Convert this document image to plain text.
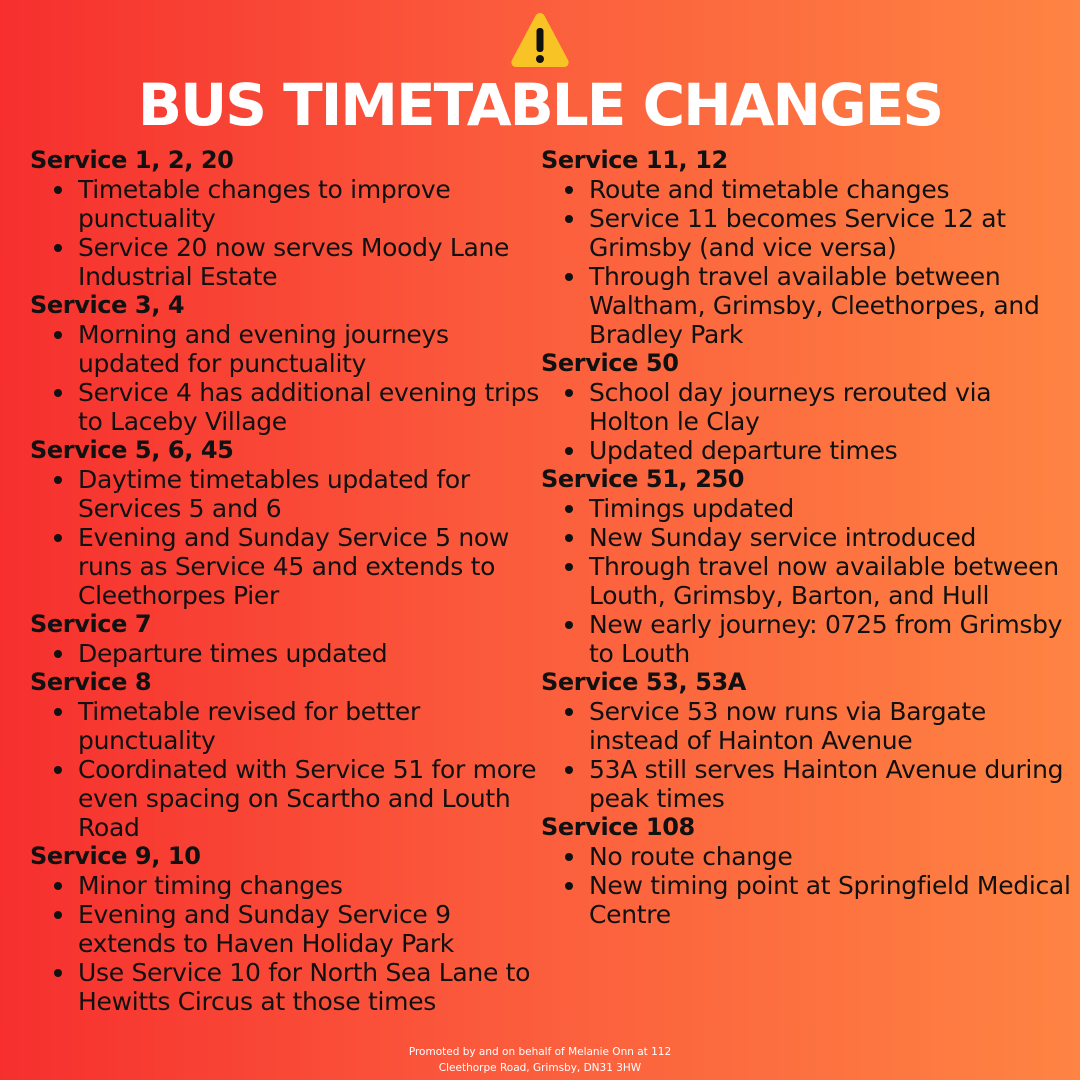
BUS TIMETABLE CHANGES
Service 1, 2, 20
Timetable changes to improve punctuality
Service 20 now serves Moody Lane Industrial Estate
Service 3, 4
Morning and evening journeys updated for punctuality
Service 4 has additional evening trips to Laceby Village
Service 5, 6, 45
Daytime timetables updated for Services 5 and 6
Evening and Sunday Service 5 now runs as Service 45 and extends to Cleethorpes Pier
Service 7
Departure times updated
Service 8
Timetable revised for better punctuality
Coordinated with Service 51 for more even spacing on Scartho and Louth Road
Service 9, 10
Minor timing changes
Evening and Sunday Service 9 extends to Haven Holiday Park
Use Service 10 for North Sea Lane to Hewitts Circus at those times
Service 11, 12
Route and timetable changes
Service 11 becomes Service 12 at Grimsby (and vice versa)
Through travel available between Waltham, Grimsby, Cleethorpes, and Bradley Park
Service 50
School day journeys rerouted via Holton le Clay
Updated departure times
Service 51, 250
Timings updated
New Sunday service introduced
Through travel now available between Louth, Grimsby, Barton, and Hull
New early journey: 0725 from Grimsby to Louth
Service 53, 53A
Service 53 now runs via Bargate instead of Hainton Avenue
53A still serves Hainton Avenue during peak times
Service 108
No route change
New timing point at Springfield Medical Centre
Promoted by and on behalf of Melanie Onn at 112
Cleethorpe Road, Grimsby, DN31 3HW
